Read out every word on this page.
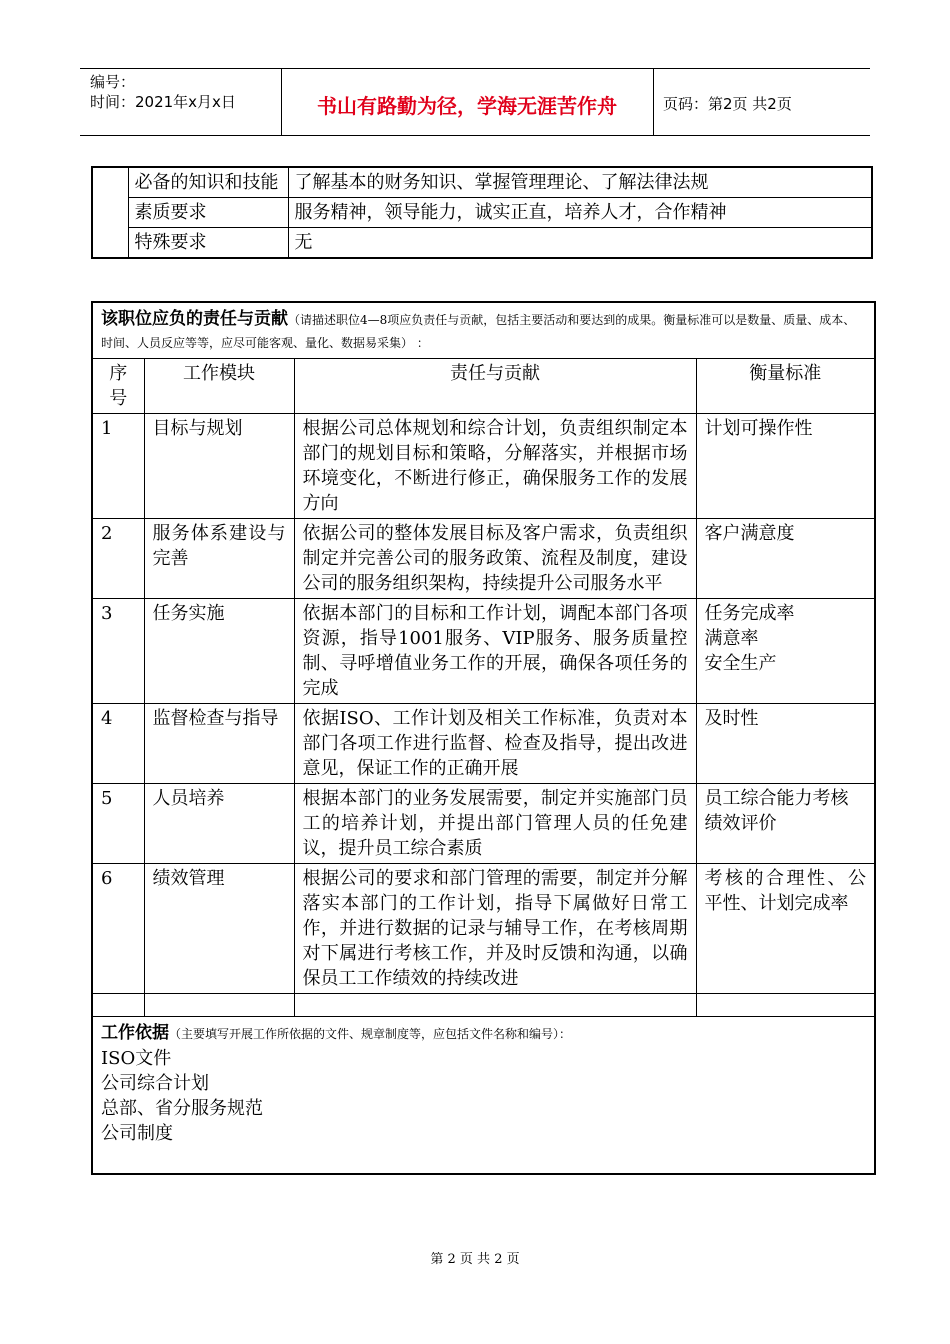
编号：
时间：2021年x月x日	书山有路勤为径，学海无涯苦作舟	页码：第2页 共2页
	必备的知识和技能	了解基本的财务知识、掌握管理理论、了解法律法规
	素质要求	服务精神，领导能力，诚实正直，培养人才，合作精神
	特殊要求	无
该职位应负的责任与贡献（请描述职位4—8项应负责任与贡献，包括主要活动和要达到的成果。衡量标准可以是数量、质量、成本、时间、人员反应等等，应尽可能客观、量化、数据易采集） ：			
序号	工作模块	责任与贡献	衡量标准
1	目标与规划	根据公司总体规划和综合计划，负责组织制定本部门的规划目标和策略，分解落实，并根据市场环境变化，不断进行修正，确保服务工作的发展方向	计划可操作性
2	服务体系建设与完善	依据公司的整体发展目标及客户需求，负责组织制定并完善公司的服务政策、流程及制度，建设公司的服务组织架构，持续提升公司服务水平	客户满意度
3	任务实施	依据本部门的目标和工作计划，调配本部门各项资源，指导1001服务、VIP服务、服务质量控制、寻呼增值业务工作的开展，确保各项任务的完成	任务完成率
满意率
安全生产
4	监督检查与指导	依据ISO、工作计划及相关工作标准，负责对本部门各项工作进行监督、检查及指导，提出改进意见，保证工作的正确开展	及时性
5	人员培养	根据本部门的业务发展需要，制定并实施部门员工的培养计划，并提出部门管理人员的任免建议，提升员工综合素质	员工综合能力考核
绩效评价
6	绩效管理	根据公司的要求和部门管理的需要，制定并分解落实本部门的工作计划，指导下属做好日常工作，并进行数据的记录与辅导工作，在考核周期对下属进行考核工作，并及时反馈和沟通，以确保员工工作绩效的持续改进	考核的合理性、公平性、计划完成率

工作依据（主要填写开展工作所依据的文件、规章制度等，应包括文件名称和编号）：
ISO文件
公司综合计划
总部、省分服务规范
公司制度			
第 2 页 共 2 页
